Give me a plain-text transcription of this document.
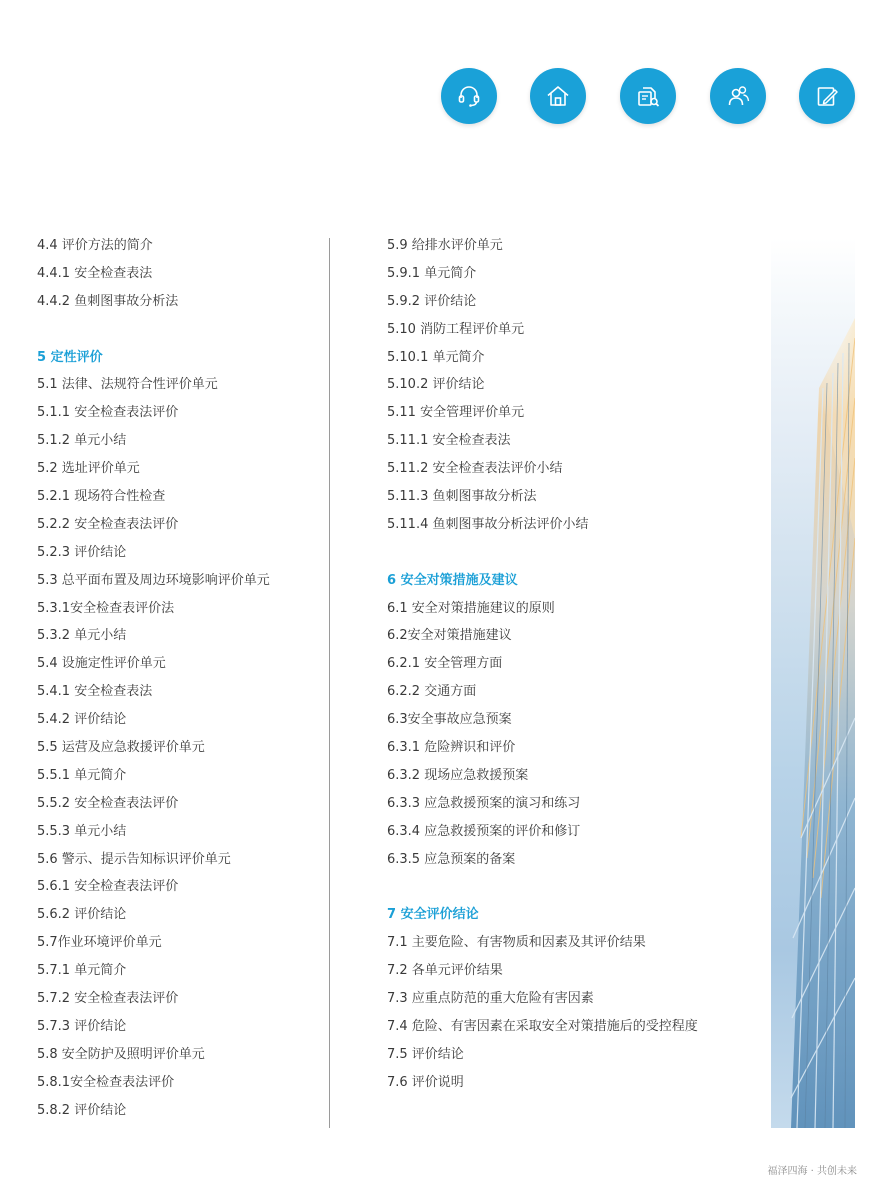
4.4 评价方法的简介
4.4.1 安全检查表法
4.4.2 鱼刺图事故分析法
5 定性评价
5.1 法律、法规符合性评价单元
5.1.1 安全检查表法评价
5.1.2 单元小结
5.2 选址评价单元
5.2.1 现场符合性检查
5.2.2 安全检查表法评价
5.2.3 评价结论
5.3 总平面布置及周边环境影响评价单元
5.3.1安全检查表评价法
5.3.2 单元小结
5.4 设施定性评价单元
5.4.1 安全检查表法
5.4.2 评价结论
5.5 运营及应急救援评价单元
5.5.1 单元简介
5.5.2 安全检查表法评价
5.5.3 单元小结
5.6 警示、提示告知标识评价单元
5.6.1 安全检查表法评价
5.6.2 评价结论
5.7作业环境评价单元
5.7.1 单元简介
5.7.2 安全检查表法评价
5.7.3 评价结论
5.8 安全防护及照明评价单元
5.8.1安全检查表法评价
5.8.2 评价结论
5.9 给排水评价单元
5.9.1 单元简介
5.9.2 评价结论
5.10 消防工程评价单元
5.10.1 单元简介
5.10.2 评价结论
5.11 安全管理评价单元
5.11.1 安全检查表法
5.11.2 安全检查表法评价小结
5.11.3 鱼刺图事故分析法
5.11.4 鱼刺图事故分析法评价小结
6 安全对策措施及建议
6.1 安全对策措施建议的原则
6.2安全对策措施建议
6.2.1 安全管理方面
6.2.2 交通方面
6.3安全事故应急预案
6.3.1 危险辨识和评价
6.3.2 现场应急救援预案
6.3.3 应急救援预案的演习和练习
6.3.4 应急救援预案的评价和修订
6.3.5 应急预案的备案
7 安全评价结论
7.1 主要危险、有害物质和因素及其评价结果
7.2 各单元评价结果
7.3 应重点防范的重大危险有害因素
7.4 危险、有害因素在采取安全对策措施后的受控程度
7.5 评价结论
7.6 评价说明
福泽四海 · 共创未来
